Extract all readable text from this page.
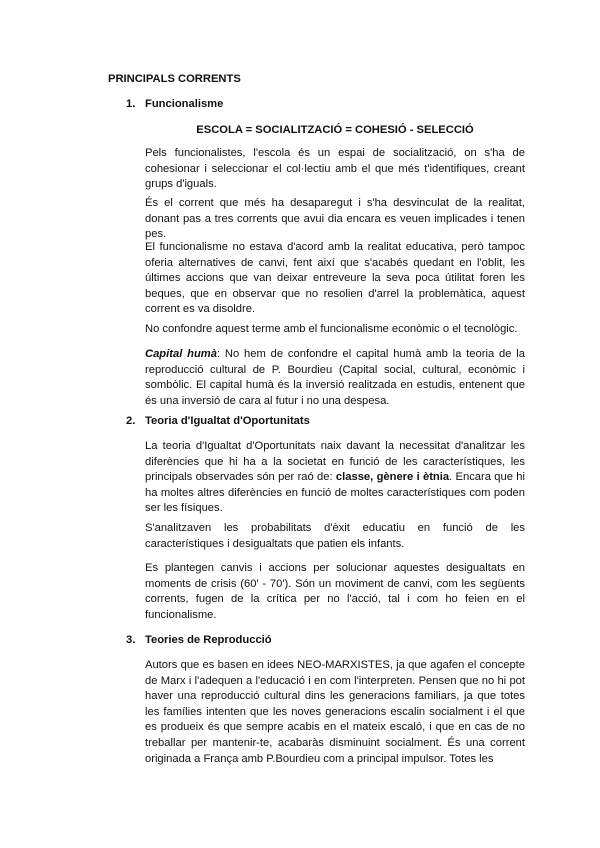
PRINCIPALS CORRENTS
1. Funcionalisme
ESCOLA = SOCIALITZACIÓ = COHESIÓ - SELECCIÓ

Pels funcionalistes, l'escola és un espai de socialització, on s'ha de cohesionar i seleccionar el col·lectiu amb el que més t'identifiques, creant grups d'iguals.

És el corrent que més ha desaparegut i s'ha desvinculat de la realitat, donant pas a tres corrents que avui dia encara es veuen implicades i tenen pes.

El funcionalisme no estava d'acord amb la realitat educativa, però tampoc oferia alternatives de canvi, fent així que s'acabés quedant en l'oblit, les últimes accions que van deixar entreveure la seva poca útilitat foren les beques, que en observar que no resolien d'arrel la problemàtica, aquest corrent es va disoldre.

No confondre aquest terme amb el funcionalisme econòmic o el tecnològic.

Capital humà: No hem de confondre el capital humà amb la teoria de la reproducció cultural de P. Bourdieu (Capital social, cultural, econòmic i sombòlic. El capital humà és la inversió realitzada en estudis, entenent que és una inversió de cara al futur i no una despesa.

2. Teoria d'Igualtat d'Oportunitats

La teoria d'Igualtat d'Oportunitats naix davant la necessitat d'analitzar les diferències que hi ha a la societat en funció de les característiques, les principals observades són per raó de: classe, gènere i ètnia. Encara que hi ha moltes altres diferències en funció de moltes característiques com poden ser les físiques.

S'analitzaven les probabilitats d'èxit educatiu en funció de les característiques i desigualtats que patien els infants.

Es plantegen canvis i accions per solucionar aquestes desigualtats en moments de crisis (60' - 70'). Són un moviment de canvi, com les següents corrents, fugen de la crítica per no l'acció, tal i com ho feien en el funcionalisme.

3. Teories de Reproducció

Autors que es basen en idees NEO-MARXISTES, ja que agafen el concepte de Marx i l'adequen a l'educació i en com l'interpreten. Pensen que no hi pot haver una reproducció cultural dins les generacions familiars, ja que totes les famílies intenten que les noves generacions escalin socialment i el que es produeix és que sempre acabis en el mateix escaló, i que en cas de no treballar per mantenir-te, acabaràs disminuint socialment. És una corrent originada a França amb P.Bourdieu com a principal impulsor. Totes les
